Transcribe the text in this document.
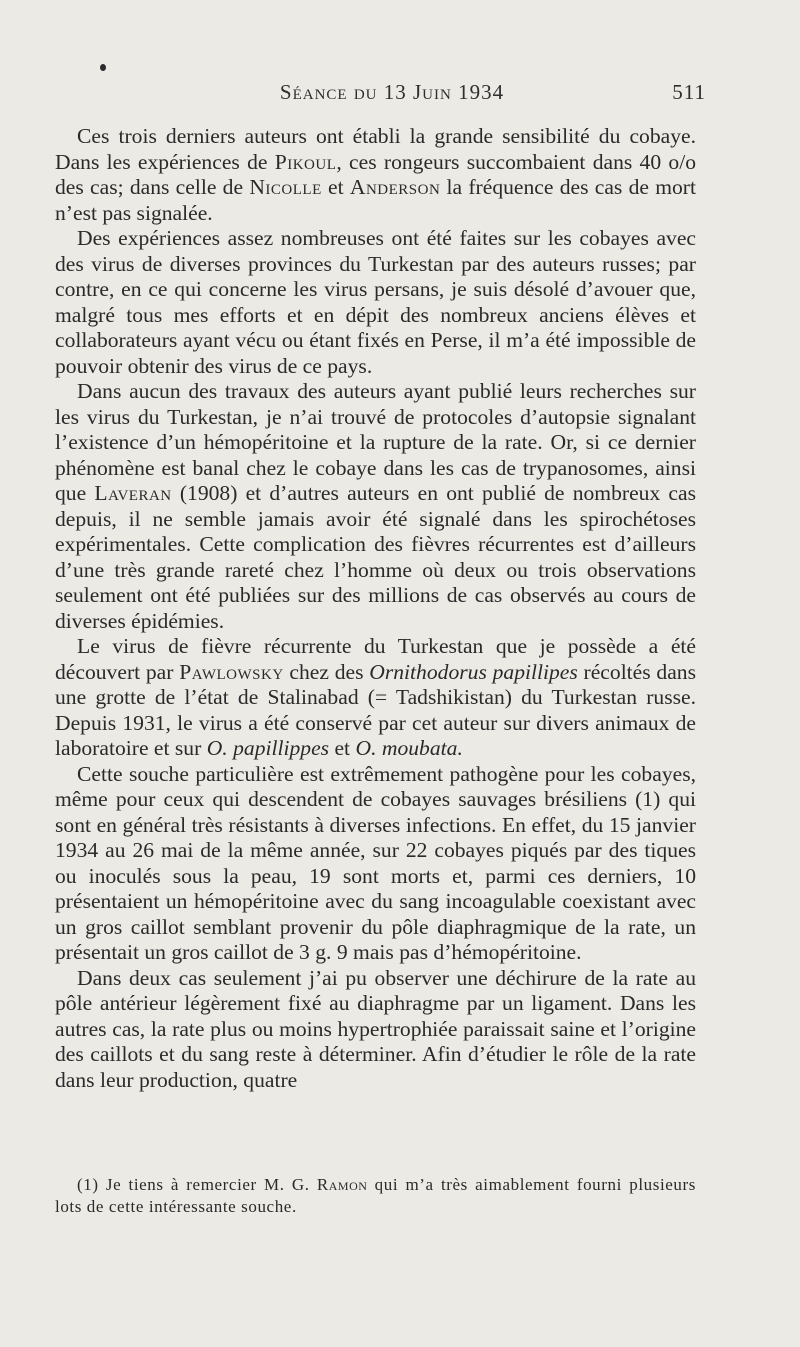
Séance du 13 Juin 1934	511

Ces trois derniers auteurs ont établi la grande sensibilité du cobaye. Dans les expériences de Pikoul, ces rongeurs succombaient dans 40 o/o des cas; dans celle de Nicolle et Anderson la fréquence des cas de mort n’est pas signalée.

Des expériences assez nombreuses ont été faites sur les cobayes avec des virus de diverses provinces du Turkestan par des auteurs russes; par contre, en ce qui concerne les virus persans, je suis désolé d’avouer que, malgré tous mes efforts et en dépit des nombreux anciens élèves et collaborateurs ayant vécu ou étant fixés en Perse, il m’a été impossible de pouvoir obtenir des virus de ce pays.

Dans aucun des travaux des auteurs ayant publié leurs recherches sur les virus du Turkestan, je n’ai trouvé de protocoles d’autopsie signalant l’existence d’un hémopéritoine et la rupture de la rate. Or, si ce dernier phénomène est banal chez le cobaye dans les cas de trypanosomes, ainsi que Laveran (1908) et d’autres auteurs en ont publié de nombreux cas depuis, il ne semble jamais avoir été signalé dans les spirochétoses expérimentales. Cette complication des fièvres récurrentes est d’ailleurs d’une très grande rareté chez l’homme où deux ou trois observations seulement ont été publiées sur des millions de cas observés au cours de diverses épidémies.

Le virus de fièvre récurrente du Turkestan que je possède a été découvert par Pawlowsky chez des Ornithodorus papillipes récoltés dans une grotte de l’état de Stalinabad (= Tadshikistan) du Turkestan russe. Depuis 1931, le virus a été conservé par cet auteur sur divers animaux de laboratoire et sur O. papillippes et O. moubata.

Cette souche particulière est extrêmement pathogène pour les cobayes, même pour ceux qui descendent de cobayes sauvages brésiliens (1) qui sont en général très résistants à diverses infections. En effet, du 15 janvier 1934 au 26 mai de la même année, sur 22 cobayes piqués par des tiques ou inoculés sous la peau, 19 sont morts et, parmi ces derniers, 10 présentaient un hémopéritoine avec du sang incoagulable coexistant avec un gros caillot semblant provenir du pôle diaphragmique de la rate, un présentait un gros caillot de 3 g. 9 mais pas d’hémopéritoine.

Dans deux cas seulement j’ai pu observer une déchirure de la rate au pôle antérieur légèrement fixé au diaphragme par un ligament. Dans les autres cas, la rate plus ou moins hypertrophiée paraissait saine et l’origine des caillots et du sang reste à déterminer. Afin d’étudier le rôle de la rate dans leur production, quatre

(1) Je tiens à remercier M. G. Ramon qui m’a très aimablement fourni plusieurs lots de cette intéressante souche.
